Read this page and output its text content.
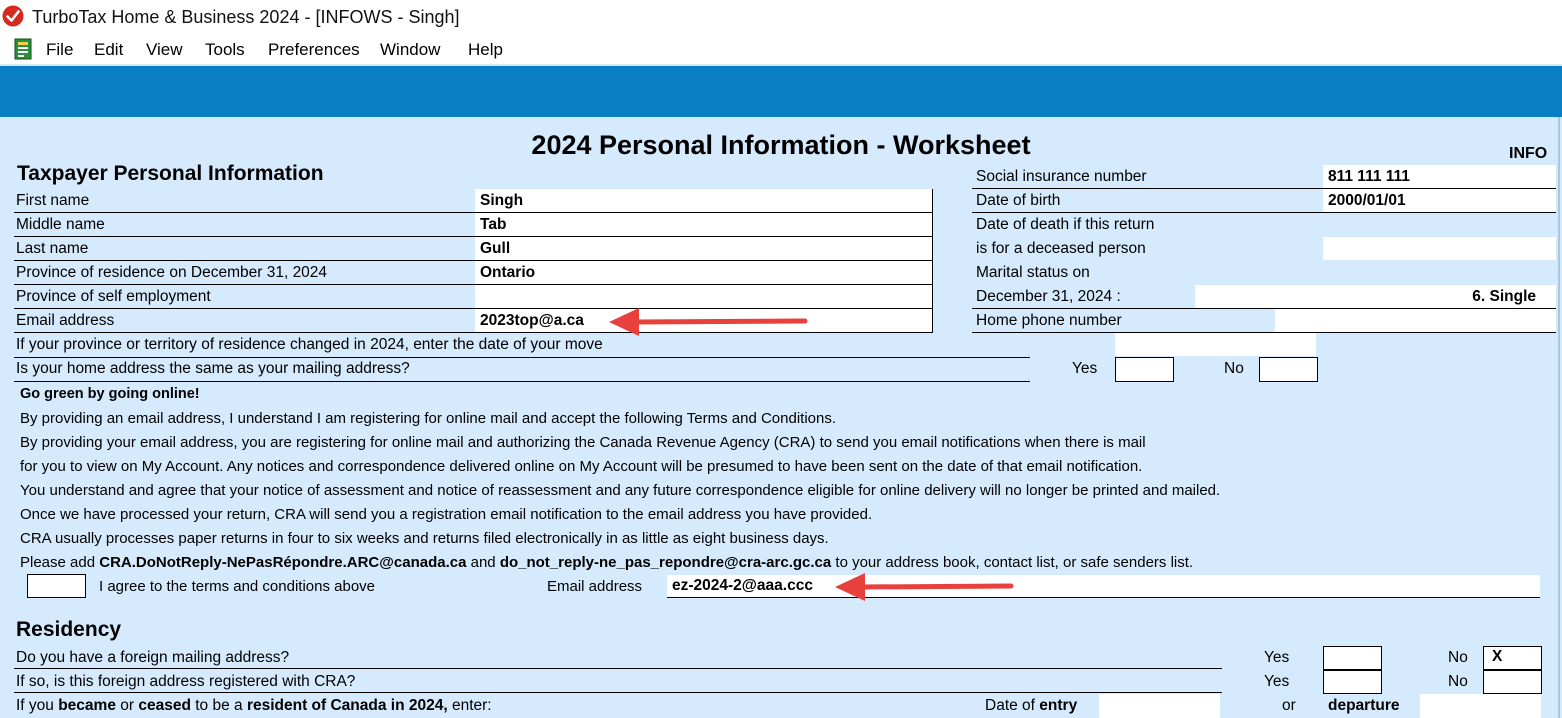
TurboTax Home & Business 2024 - [INFOWS - Singh]
File Edit View Tools Preferences Window Help
2024 Personal Information - Worksheet	INFO
Taxpayer Personal Information
First name	Singh
Middle name	Tab
Last name	Gull
Province of residence on December 31, 2024	Ontario
Province of self employment
Email address	2023top@a.ca
Social insurance number	811 111 111
Date of birth	2000/01/01
Date of death if this return
is for a deceased person
Marital status on
December 31, 2024 :	6. Single
Home phone number
If your province or territory of residence changed in 2024, enter the date of your move
Is your home address the same as your mailing address?	Yes	No
Go green by going online!
By providing an email address, I understand I am registering for online mail and accept the following Terms and Conditions.
By providing your email address, you are registering for online mail and authorizing the Canada Revenue Agency (CRA) to send you email notifications when there is mail
for you to view on My Account. Any notices and correspondence delivered online on My Account will be presumed to have been sent on the date of that email notification.
You understand and agree that your notice of assessment and notice of reassessment and any future correspondence eligible for online delivery will no longer be printed and mailed.
Once we have processed your return, CRA will send you a registration email notification to the email address you have provided.
CRA usually processes paper returns in four to six weeks and returns filed electronically in as little as eight business days.
Please add CRA.DoNotReply-NePasRépondre.ARC@canada.ca and do_not_reply-ne_pas_repondre@cra-arc.gc.ca to your address book, contact list, or safe senders list.
I agree to the terms and conditions above	Email address ez-2024-2@aaa.ccc
Residency
Do you have a foreign mailing address?	Yes	No X
If so, is this foreign address registered with CRA?	Yes	No
If you became or ceased to be a resident of Canada in 2024, enter:	Date of entry	or departure
